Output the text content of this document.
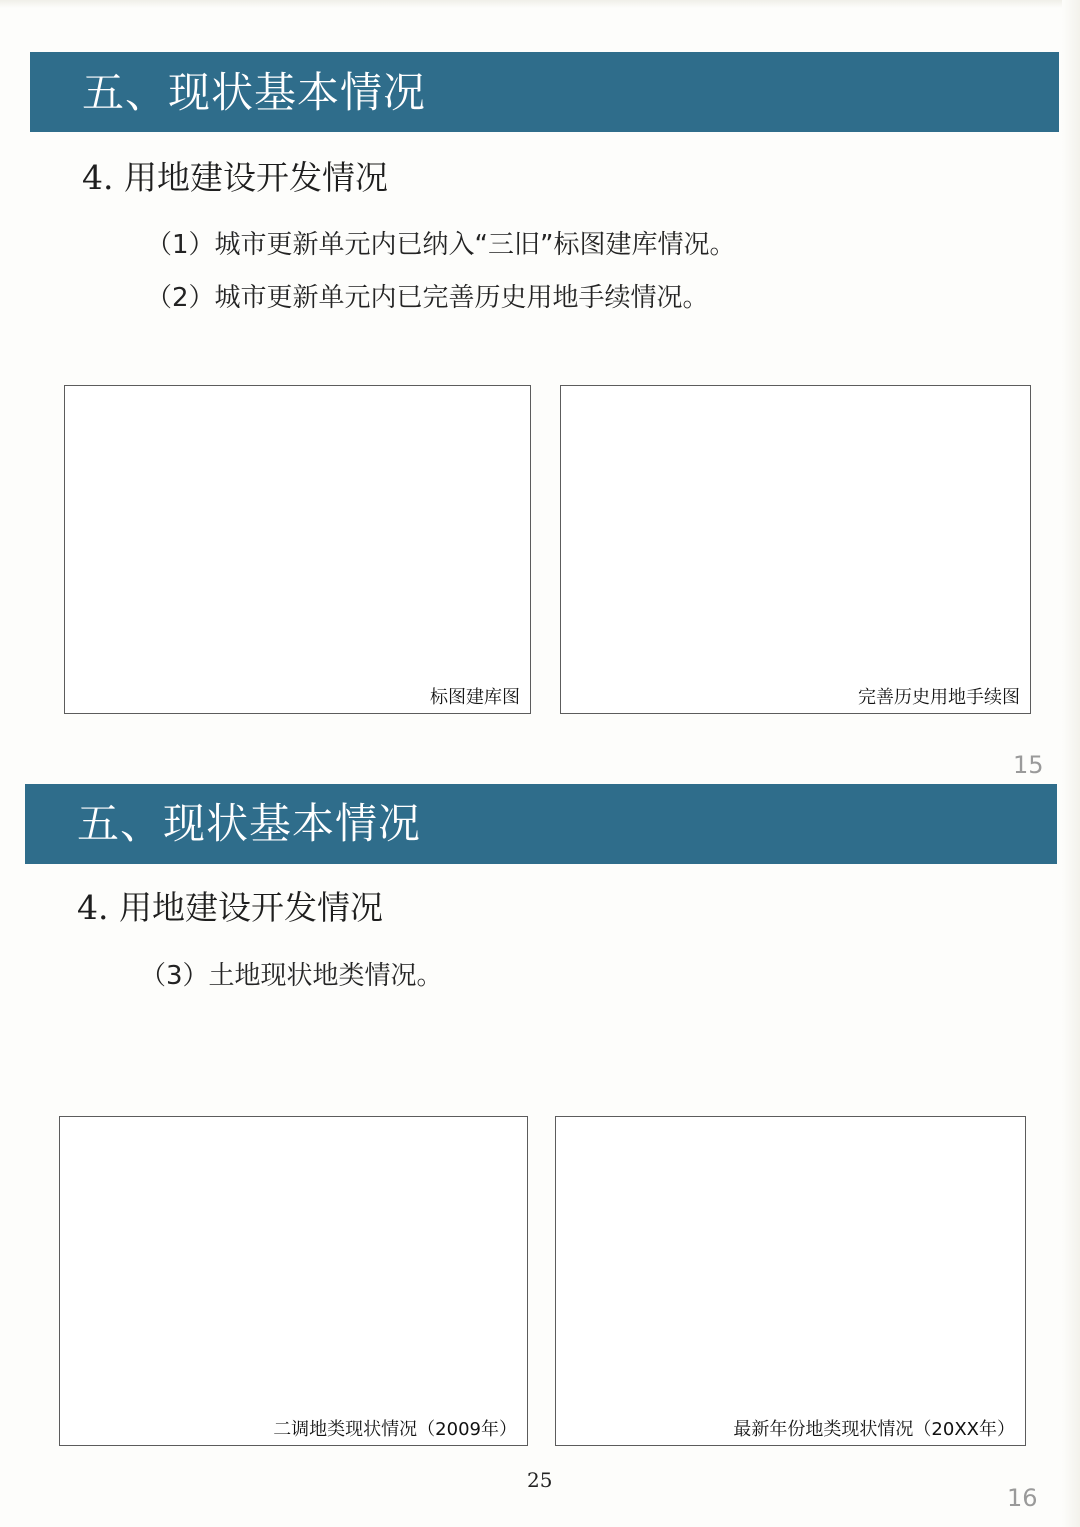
五、现状基本情况
4. 用地建设开发情况
（1）城市更新单元内已纳入“三旧”标图建库情况。
（2）城市更新单元内已完善历史用地手续情况。
标图建库图	完善历史用地手续图
15
五、现状基本情况
4. 用地建设开发情况
（3）土地现状地类情况。
二调地类现状情况（2009年）	最新年份地类现状情况（20XX年）
16
25
